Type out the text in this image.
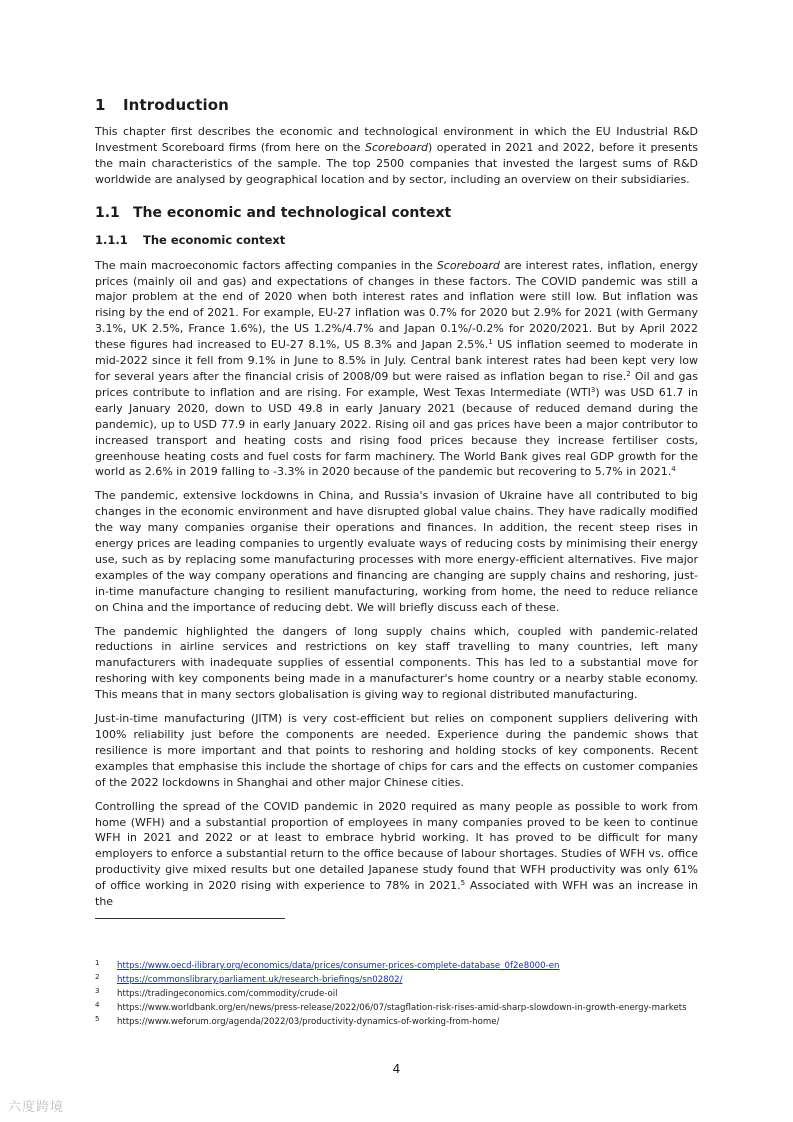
1 Introduction

This chapter first describes the economic and technological environment in which the EU Industrial R&D Investment Scoreboard firms (from here on the Scoreboard) operated in 2021 and 2022, before it presents the main characteristics of the sample. The top 2500 companies that invested the largest sums of R&D worldwide are analysed by geographical location and by sector, including an overview on their subsidiaries.

1.1 The economic and technological context
1.1.1 The economic context

The main macroeconomic factors affecting companies in the Scoreboard are interest rates, inflation, energy prices (mainly oil and gas) and expectations of changes in these factors. The COVID pandemic was still a major problem at the end of 2020 when both interest rates and inflation were still low. But inflation was rising by the end of 2021. For example, EU-27 inflation was 0.7% for 2020 but 2.9% for 2021 (with Germany 3.1%, UK 2.5%, France 1.6%), the US 1.2%/4.7% and Japan 0.1%/-0.2% for 2020/2021. But by April 2022 these figures had increased to EU-27 8.1%, US 8.3% and Japan 2.5%.$^1$ US inflation seemed to moderate in mid-2022 since it fell from 9.1% in June to 8.5% in July. Central bank interest rates had been kept very low for several years after the financial crisis of 2008/09 but were raised as inflation began to rise.$^2$ Oil and gas prices contribute to inflation and are rising. For example, West Texas Intermediate (WTI$^3$) was USD 61.7 in early January 2020, down to USD 49.8 in early January 2021 (because of reduced demand during the pandemic), up to USD 77.9 in early January 2022. Rising oil and gas prices have been a major contributor to increased transport and heating costs and rising food prices because they increase fertiliser costs, greenhouse heating costs and fuel costs for farm machinery. The World Bank gives real GDP growth for the world as 2.6% in 2019 falling to -3.3% in 2020 because of the pandemic but recovering to 5.7% in 2021.$^4$

The pandemic, extensive lockdowns in China, and Russia's invasion of Ukraine have all contributed to big changes in the economic environment and have disrupted global value chains. They have radically modified the way many companies organise their operations and finances. In addition, the recent steep rises in energy prices are leading companies to urgently evaluate ways of reducing costs by minimising their energy use, such as by replacing some manufacturing processes with more energy-efficient alternatives. Five major examples of the way company operations and financing are changing are supply chains and reshoring, just-in-time manufacture changing to resilient manufacturing, working from home, the need to reduce reliance on China and the importance of reducing debt. We will briefly discuss each of these.

The pandemic highlighted the dangers of long supply chains which, coupled with pandemic-related reductions in airline services and restrictions on key staff travelling to many countries, left many manufacturers with inadequate supplies of essential components. This has led to a substantial move for reshoring with key components being made in a manufacturer's home country or a nearby stable economy. This means that in many sectors globalisation is giving way to regional distributed manufacturing.

Just-in-time manufacturing (JITM) is very cost-efficient but relies on component suppliers delivering with 100% reliability just before the components are needed. Experience during the pandemic shows that resilience is more important and that points to reshoring and holding stocks of key components. Recent examples that emphasise this include the shortage of chips for cars and the effects on customer companies of the 2022 lockdowns in Shanghai and other major Chinese cities.

Controlling the spread of the COVID pandemic in 2020 required as many people as possible to work from home (WFH) and a substantial proportion of employees in many companies proved to be keen to continue WFH in 2021 and 2022 or at least to embrace hybrid working. It has proved to be difficult for many employers to enforce a substantial return to the office because of labour shortages. Studies of WFH vs. office productivity give mixed results but one detailed Japanese study found that WFH productivity was only 61% of office working in 2020 rising with experience to 78% in 2021.$^5$ Associated with WFH was an increase in the

1 https://www.oecd-ilibrary.org/economics/data/prices/consumer-prices-complete-database_0f2e8000-en
2 https://commonslibrary.parliament.uk/research-briefings/sn02802/
3 https://tradingeconomics.com/commodity/crude-oil
4 https://www.worldbank.org/en/news/press-release/2022/06/07/stagflation-risk-rises-amid-sharp-slowdown-in-growth-energy-markets
5 https://www.weforum.org/agenda/2022/03/productivity-dynamics-of-working-from-home/
4
六度跨境
